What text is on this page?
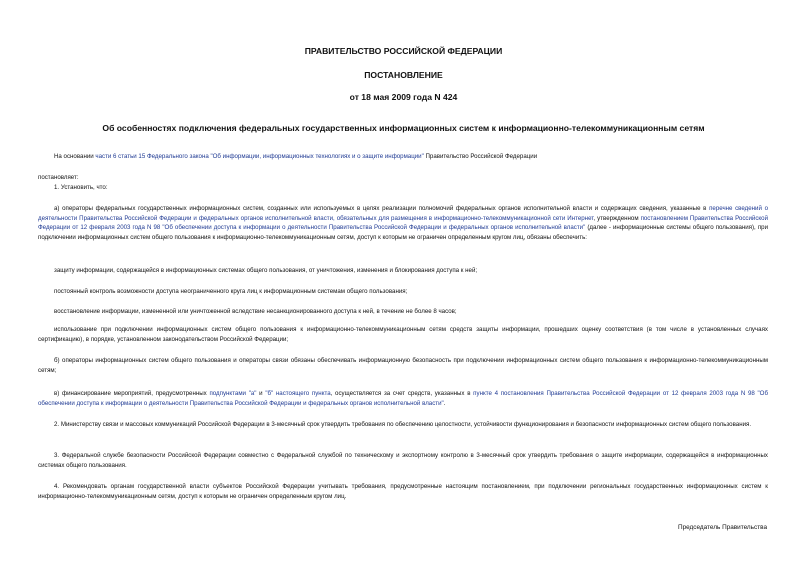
ПРАВИТЕЛЬСТВО РОССИЙСКОЙ ФЕДЕРАЦИИ
ПОСТАНОВЛЕНИЕ
от 18 мая 2009 года N 424
Об особенностях подключения федеральных государственных информационных систем к информационно-телекоммуникационным сетям
На основании части 6 статьи 15 Федерального закона "Об информации, информационных технологиях и о защите информации" Правительство Российской Федерации
постановляет:
1. Установить, что:
а) операторы федеральных государственных информационных систем, созданных или используемых в целях реализации полномочий федеральных органов исполнительной власти и содержащих сведения, указанные в перечне сведений о деятельности Правительства Российской Федерации и федеральных органов исполнительной власти, обязательных для размещения в информационно-телекоммуникационной сети Интернет, утвержденном постановлением Правительства Российской Федерации от 12 февраля 2003 года N 98 "Об обеспечении доступа к информации о деятельности Правительства Российской Федерации и федеральных органов исполнительной власти" (далее - информационные системы общего пользования), при подключении информационных систем общего пользования к информационно-телекоммуникационным сетям, доступ к которым не ограничен определенным кругом лиц, обязаны обеспечить:
защиту информации, содержащейся в информационных системах общего пользования, от уничтожения, изменения и блокирования доступа к ней;
постоянный контроль возможности доступа неограниченного круга лиц к информационным системам общего пользования;
восстановление информации, измененной или уничтоженной вследствие несанкционированного доступа к ней, в течение не более 8 часов;
использование при подключении информационных систем общего пользования к информационно-телекоммуникационным сетям средств защиты информации, прошедших оценку соответствия (в том числе в установленных случаях сертификацию), в порядке, установленном законодательством Российской Федерации;
б) операторы информационных систем общего пользования и операторы связи обязаны обеспечивать информационную безопасность при подключении информационных систем общего пользования к информационно-телекоммуникационным сетям;
в) финансирование мероприятий, предусмотренных подпунктами "а" и "б" настоящего пункта, осуществляется за счет средств, указанных в пункте 4 постановления Правительства Российской Федерации от 12 февраля 2003 года N 98 "Об обеспечении доступа к информации о деятельности Правительства Российской Федерации и федеральных органов исполнительной власти".
2. Министерству связи и массовых коммуникаций Российской Федерации в 3-месячный срок утвердить требования по обеспечению целостности, устойчивости функционирования и безопасности информационных систем общего пользования.
3. Федеральной службе безопасности Российской Федерации совместно с Федеральной службой по техническому и экспортному контролю в 3-месячный срок утвердить требования о защите информации, содержащейся в информационных системах общего пользования.
4. Рекомендовать органам государственной власти субъектов Российской Федерации учитывать требования, предусмотренные настоящим постановлением, при подключении региональных государственных информационных систем к информационно-телекоммуникационным сетям, доступ к которым не ограничен определенным кругом лиц.
Председатель Правительства
